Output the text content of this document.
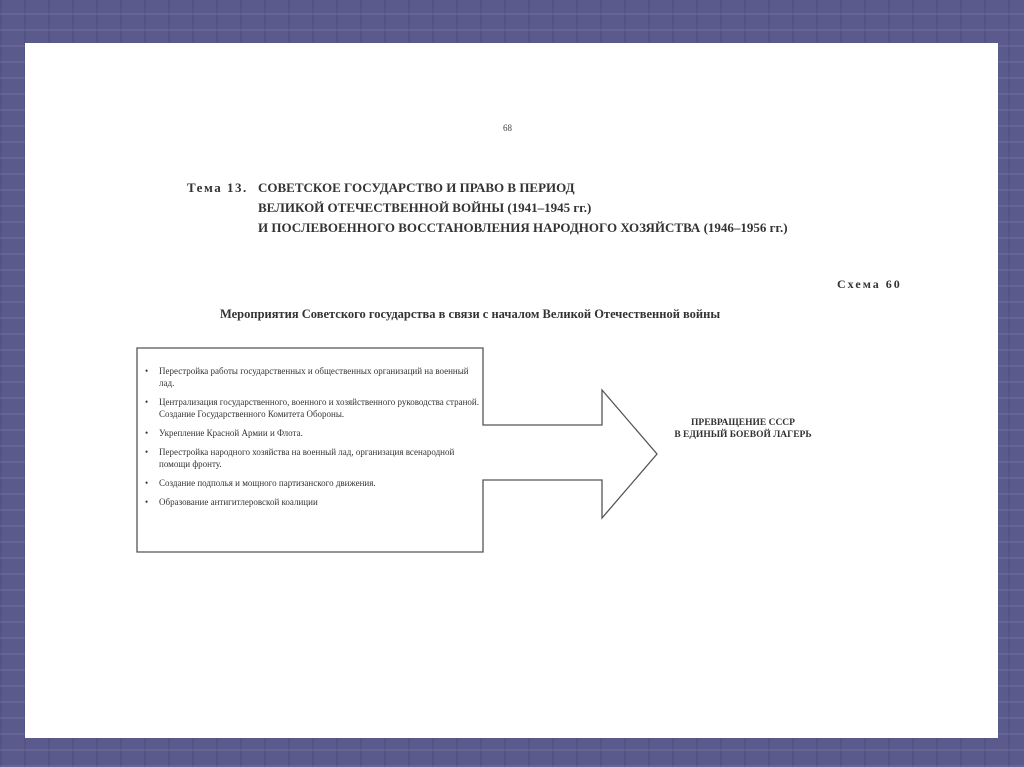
68
Тема 13. СОВЕТСКОЕ ГОСУДАРСТВО И ПРАВО В ПЕРИОД
ВЕЛИКОЙ ОТЕЧЕСТВЕННОЙ ВОЙНЫ (1941–1945 гг.)
И ПОСЛЕВОЕННОГО ВОССТАНОВЛЕНИЯ НАРОДНОГО ХОЗЯЙСТВА (1946–1956 гг.)
Схема 60
Мероприятия Советского государства в связи с началом Великой Отечественной войны
• Перестройка работы государственных и общественных организаций на военный лад.
• Централизация государственного, военного и хозяйственного руководства страной. Создание Государственного Комитета Обороны.
• Укрепление Красной Армии и Флота.
• Перестройка народного хозяйства на военный лад, организация всенародной помощи фронту.
• Создание подполья и мощного партизанского движения.
• Образование антигитлеровской коалиции
ПРЕВРАЩЕНИЕ СССР
В ЕДИНЫЙ БОЕВОЙ ЛАГЕРЬ
